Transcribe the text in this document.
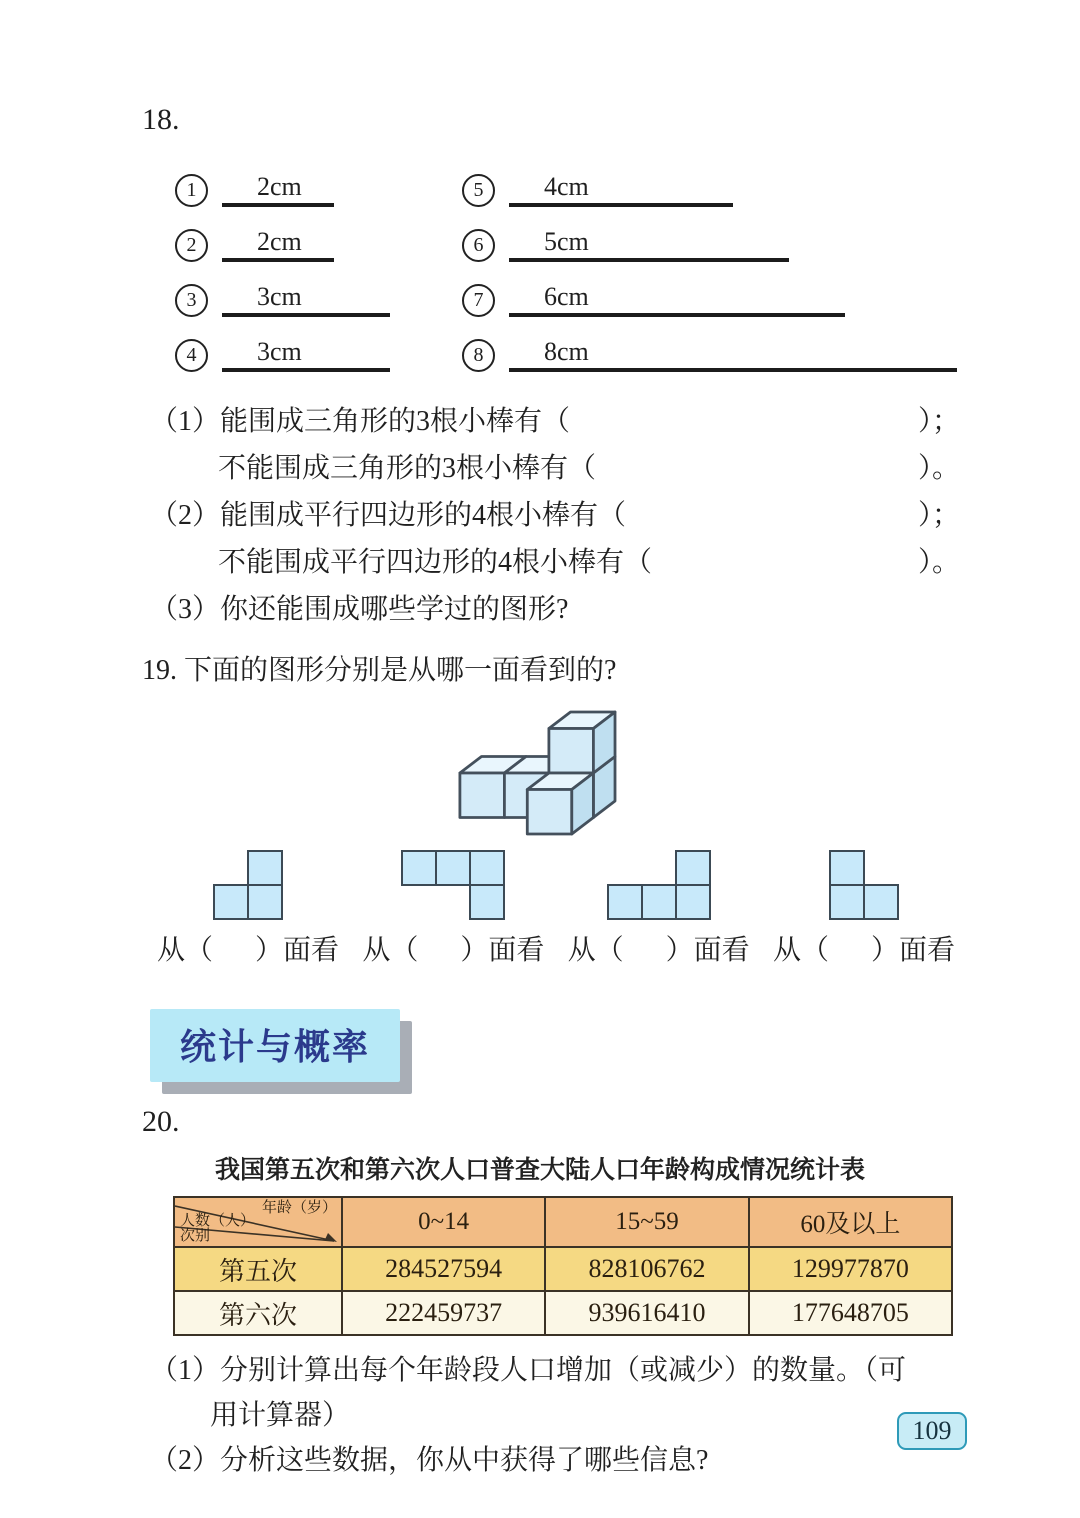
18.
1	2cm
2	2cm
3	3cm
4	3cm
5	4cm
6	5cm
7	6cm
8	8cm
（1）能围成三角形的3根小棒有（	）；
不能围成三角形的3根小棒有（	）。
（2）能围成平行四边形的4根小棒有（	）；
不能围成平行四边形的4根小棒有（	）。
（3）你还能围成哪些学过的图形?
19. 下面的图形分别是从哪一面看到的?
从（ ）面看 从（ ）面看 从（ ）面看 从（ ）面看
统计与概率
20.
我国第五次和第六次人口普查大陆人口年龄构成情况统计表
年龄（岁）
人数（人）
次别	0~14	15~59	60及以上
第五次	284527594	828106762	129977870
第六次	222459737	939616410	177648705
（1）分别计算出每个年龄段人口增加（或减少）的数量。（可
用计算器）
（2）分析这些数据，你从中获得了哪些信息?
109
